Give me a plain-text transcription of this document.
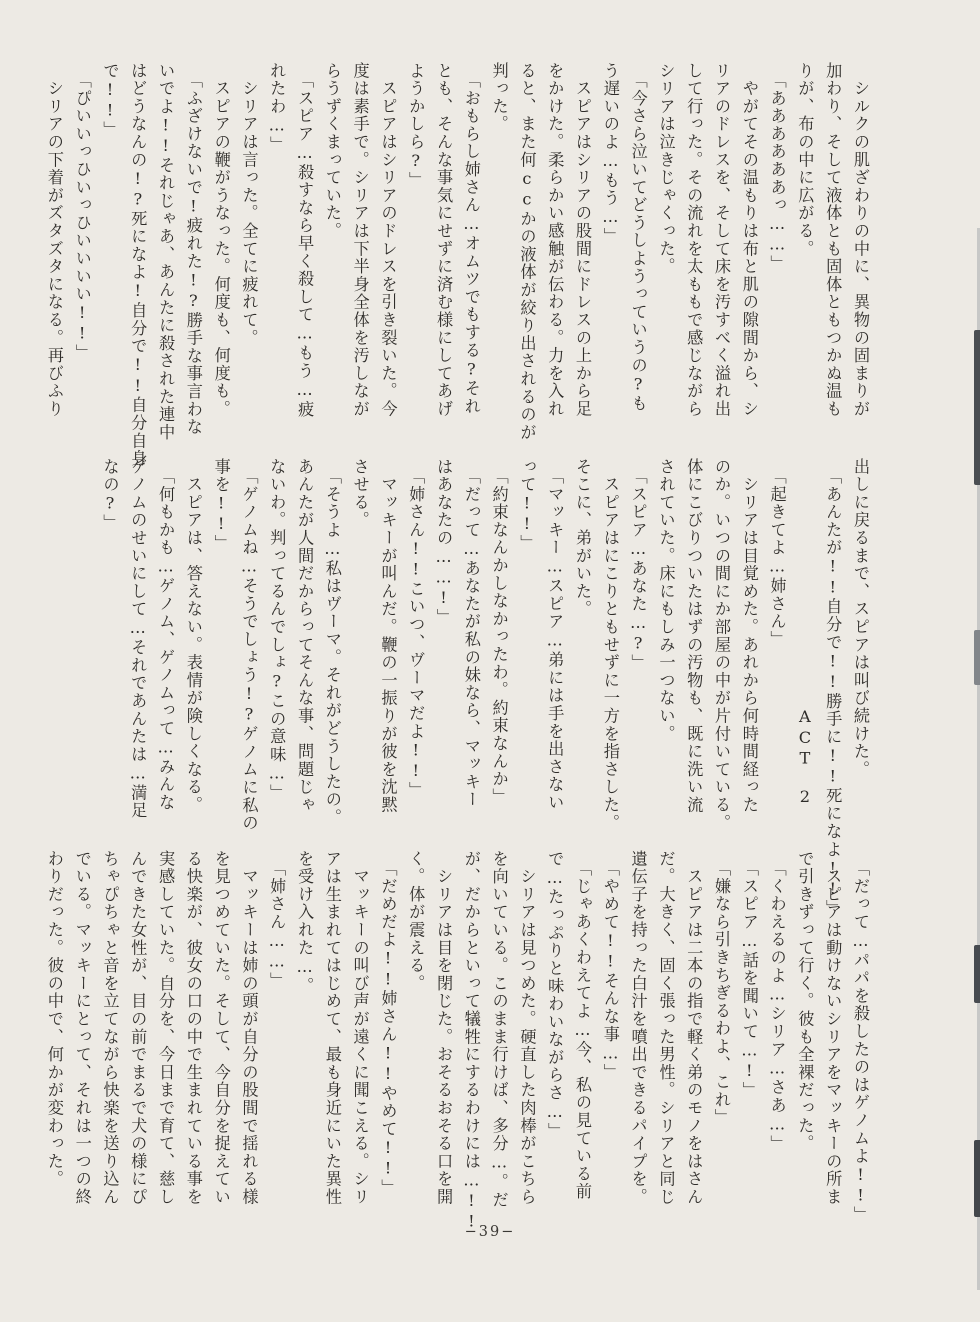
　シルクの肌ざわりの中に、異物の固まりが
加わり、そして液体とも固体ともつかぬ温も
りが、布の中に広がる。
　「ああああああっ……」
　やがてその温もりは布と肌の隙間から、シ
リアのドレスを、そして床を汚すべく溢れ出
して行った。その流れを太ももで感じながら
シリアは泣きじゃくった。
　「今さら泣いてどうしようっていうの?も
う遅いのよ…もう…」
　スピアはシリアの股間にドレスの上から足
をかけた。柔らかい感触が伝わる。力を入れ
ると、また何ccかの液体が絞り出されるのが
判った。
　「おもらし姉さん…オムツでもする?それ
とも、そんな事気にせずに済む様にしてあげ
ようかしら?」
　スピアはシリアのドレスを引き裂いた。今
度は素手で。シリアは下半身全体を汚しなが
らうずくまっていた。
　「スピア…殺すなら早く殺して…もう…疲
れたわ…」
　シリアは言った。全てに疲れて。
　スピアの鞭がうなった。何度も、何度も。
　「ふざけないで!疲れた!?勝手な事言わな
いでよ!!それじゃあ、あんたに殺された連中
はどうなんの!?死になよ!自分で!!自分自身
で!!」
　「ぴいいっひいっひいいいい!!」
　シリアの下着がズタズタになる。再びふり
出しに戻るまで、スピアは叫び続けた。
　「あんたが!!自分で!!勝手に!!死になよ!!」
　　　　　　　　　　　　　　ACT　2
　「起きてよ…姉さん」
　シリアは目覚めた。あれから何時間経った
のか。いつの間にか部屋の中が片付いている。
体にこびりついたはずの汚物も、既に洗い流
されていた。床にもしみ一つない。
　「スピア…あなた…?」
　スピアはにこりともせずに一方を指さした。
そこに、弟がいた。
　「マッキー…スピア…弟には手を出さない
って!!」
　「約束なんかしなかったわ。約束なんか」
　「だって…あなたが私の妹なら、マッキー
はあなたの……!」
　「姉さん!!こいつ、ヴーマだよ!!」
　マッキーが叫んだ。鞭の一振りが彼を沈黙
させる。
　「そうよ…私はヴーマ。それがどうしたの。
あんたが人間だからってそんな事、問題じゃ
ないわ。判ってるんでしょ?この意味…」
　「ゲノムね…そうでしょう!?ゲノムに私の
事を!!」
　スピアは、答えない。表情が険しくなる。
　「何もかも…ゲノム、ゲノムって…みんな
ゲノムのせいにして…それであんたは…満足
なの?」
　「だって…パパを殺したのはゲノムよ!!」
　スピアは動けないシリアをマッキーの所ま
で引きずって行く。彼も全裸だった。
　「くわえるのよ…シリア…さあ…」
　「スピア…話を聞いて…!」
　「嫌なら引きちぎるわよ、これ」
　スピアは二本の指で軽く弟のモノをはさん
だ。大きく、固く張った男性。シリアと同じ
遺伝子を持った白汁を噴出できるパイプを。
　「やめて!!そんな事…」
　「じゃあくわえてよ…今、私の見ている前
で…たっぷりと味わいながらさ…」
　シリアは見つめた。硬直した肉棒がこちら
を向いている。このまま行けば、多分…。だ
が、だからといって犠牲にするわけには…!!
　シリアは目を閉じた。おそるおそる口を開
く。体が震える。
　「だめだよ!!姉さん!!やめて!!」
　マッキーの叫び声が遠くに聞こえる。シリ
アは生まれてはじめて、最も身近にいた異性
を受け入れた…。
　「姉さん……」
　マッキーは姉の頭が自分の股間で揺れる様
を見つめていた。そして、今自分を捉えてい
る快楽が、彼女の口の中で生まれている事を
実感していた。自分を、今日まで育て、慈し
んできた女性が、目の前でまるで犬の様にぴ
ちゃぴちゃと音を立てながら快楽を送り込ん
でいる。マッキーにとって、それは一つの終
わりだった。彼の中で、何かが変わった。
−39−
